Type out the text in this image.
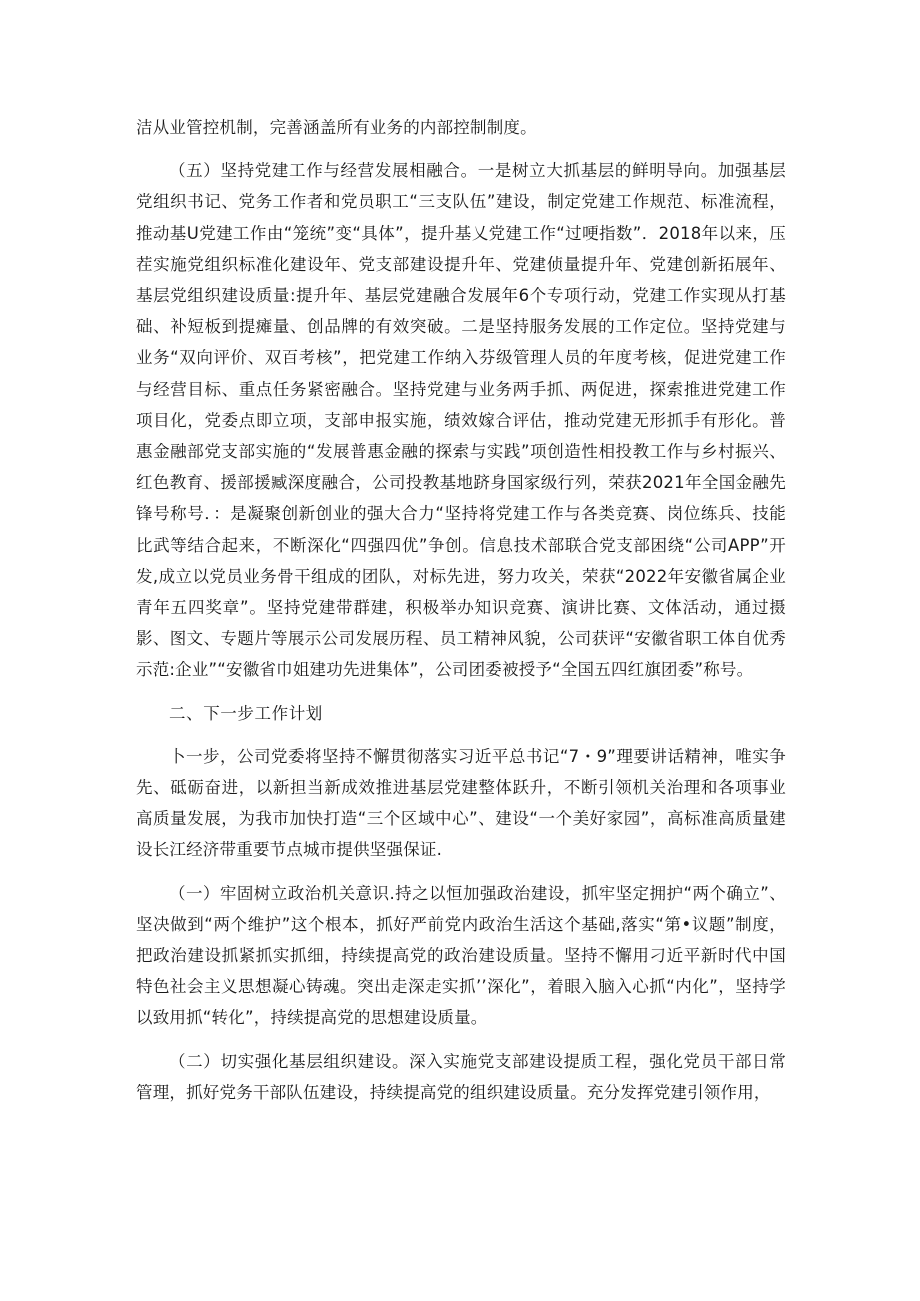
洁从业管控机制，完善涵盖所有业务的内部控制制度。

（五）坚持党建工作与经营发展相融合。一是树立大抓基层的鲜明导向。加强基层党组织书记、党务工作者和党员职工“三支队伍”建设，制定党建工作规范、标准流程，推动基U党建工作由“笼统”变“具体”，提升基乂党建工作“过哽指数”．2018年以来，压茬实施党组织标准化建设年、党支部建设提升年、党建侦量提升年、党建创新拓展年、基层党组织建设质量:提升年、基层党建融合发展年6个专项行动，党建工作实现从打基础、补短板到提瘫量、创品牌的有效突破。二是坚持服务发展的工作定位。坚持党建与业务“双向评价、双百考核”，把党建工作纳入芬级管理人员的年度考核，促进党建工作与经营目标、重点任务紧密融合。坚持党建与业务两手抓、两促进，探索推进党建工作项目化，党委点即立项，支部申报实施，绩效嫁合评估，推动党建无形抓手有形化。普惠金融部党支部实施的“发展普惠金融的探索与实践”项创造性相投教工作与乡村振兴、红色教育、援部援臧深度融合，公司投教基地跻身国家级行列，荣获2021年全国金融先锋号称号．：是凝聚创新创业的强大合力“坚持将党建工作与各类竞赛、岗位练兵、技能比武等结合起来，不断深化“四强四优”争创。信息技术部联合党支部困绕“公司APP”开发,成立以党员业务骨干组成的团队，对标先进，努力攻关，荣获“2022年安徽省属企业青年五四奖章”。坚持党建带群建，积极举办知识竞赛、演讲比赛、文体活动，通过摄影、图文、专题片等展示公司发展历程、员工精神风貌，公司获评“安徽省职工体自优秀示范:企业”“安徽省巾姐建功先进集体”，公司团委被授予“全国五四红旗团委”称号。

二、下一步工作计划

卜一步，公司党委将坚持不懈贯彻落实习近平总书记“7・9”理要讲话精神，唯实争先、砥砺奋进，以新担当新成效推进基层党建整体跃升，不断引领机关治理和各项事业高质量发展，为我市加快打造“三个区域中心”、建设“一个美好家园”，高标准高质量建设长江经济带重要节点城市提供坚强保证.

（一）牢固树立政治机关意识.持之以恒加强政治建设，抓牢坚定拥护“两个确立”、坚决做到“两个维护”这个根本，抓好严前党内政治生活这个基础,落实“第•议题”制度，把政治建设抓紧抓实抓细，持续提高党的政治建设质量。坚持不懈用刁近平新时代中国特色社会主义思想凝心铸魂。突出走深走实抓’’深化”，着眼入脑入心抓“内化”，坚持学以致用抓“转化”，持续提高党的思想建设质量。

（二）切实强化基层组织建设。深入实施党支部建设提质工程，强化党员干部日常管理，抓好党务干部队伍建设，持续提高党的组织建设质量。充分发挥党建引领作用，
